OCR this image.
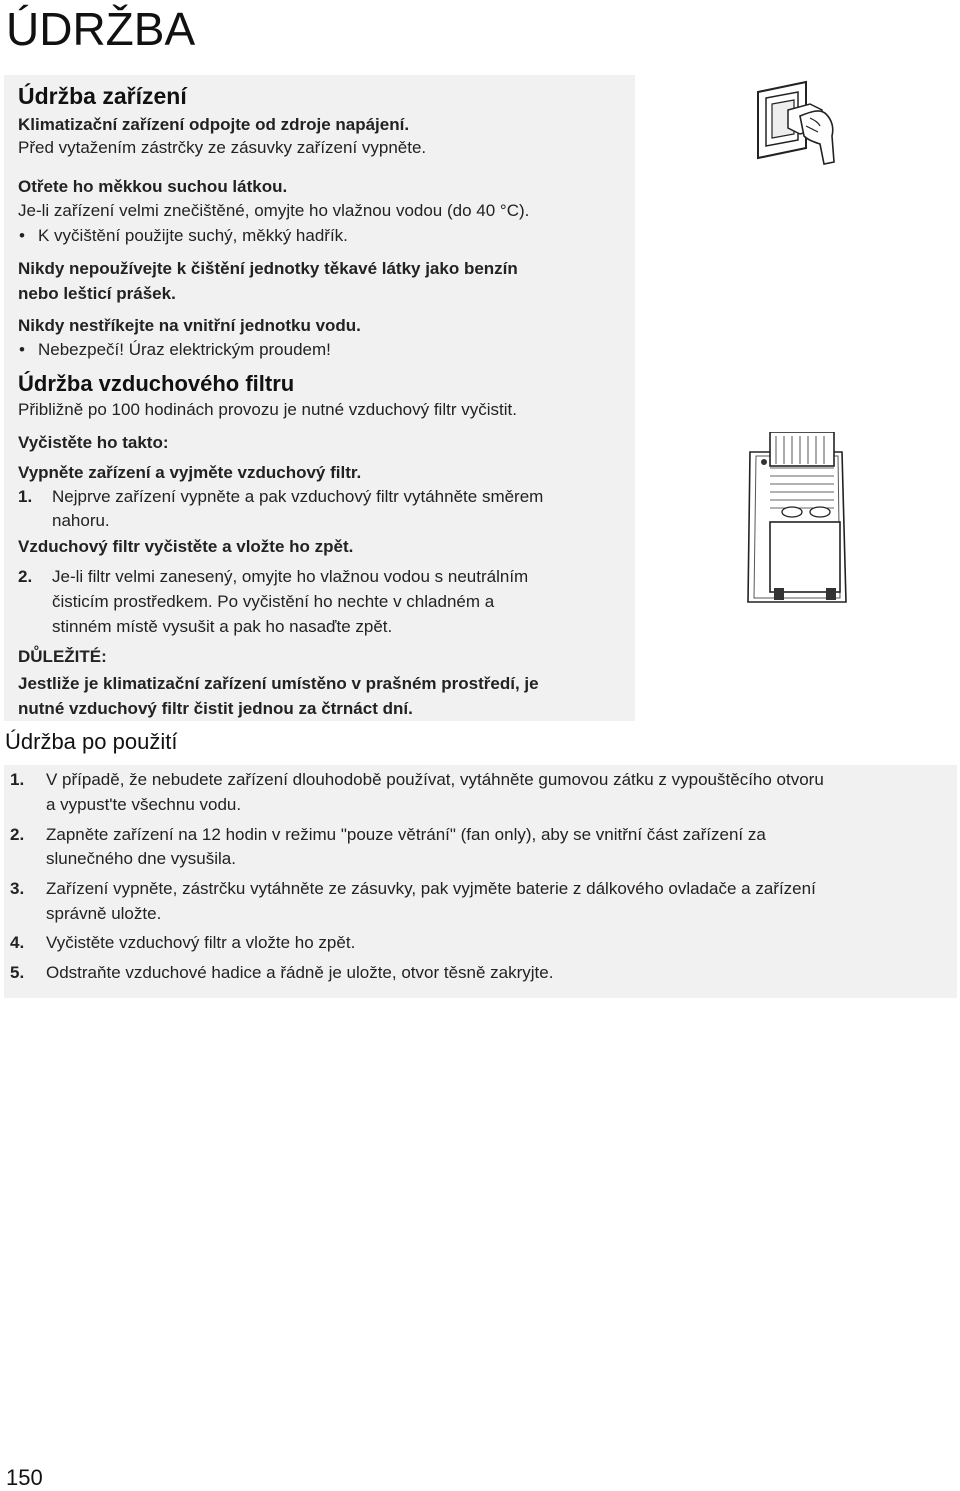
ÚDRŽBA
Údržba zařízení
Klimatizační zařízení odpojte od zdroje napájení.
Před vytažením zástrčky ze zásuvky zařízení vypněte.
Otřete ho měkkou suchou látkou.
Je-li zařízení velmi znečištěné, omyjte ho vlažnou vodou (do 40 °C).
• K vyčištění použijte suchý, měkký hadřík.
Nikdy nepoužívejte k čištění jednotky těkavé látky jako benzín
nebo lešticí prášek.
Nikdy nestříkejte na vnitřní jednotku vodu.
• Nebezpečí! Úraz elektrickým proudem!
Údržba vzduchového filtru
Přibližně po 100 hodinách provozu je nutné vzduchový filtr vyčistit.
Vyčistěte ho takto:
Vypněte zařízení a vyjměte vzduchový filtr.
1. Nejprve zařízení vypněte a pak vzduchový filtr vytáhněte směrem
nahoru.
Vzduchový filtr vyčistěte a vložte ho zpět.
2. Je-li filtr velmi zanesený, omyjte ho vlažnou vodou s neutrálním
čisticím prostředkem. Po vyčistění ho nechte v chladném a
stinném místě vysušit a pak ho nasaďte zpět.
DŮLEŽITÉ:
Jestliže je klimatizační zařízení umístěno v prašném prostředí, je
nutné vzduchový filtr čistit jednou za čtrnáct dní.
Údržba po použití
1. V případě, že nebudete zařízení dlouhodobě používat, vytáhněte gumovou zátku z vypouštěcího otvoru
a vypust'te všechnu vodu.
2. Zapněte zařízení na 12 hodin v režimu "pouze větrání" (fan only), aby se vnitřní část zařízení za
slunečného dne vysušila.
3. Zařízení vypněte, zástrčku vytáhněte ze zásuvky, pak vyjměte baterie z dálkového ovladače a zařízení
správně uložte.
4. Vyčistěte vzduchový filtr a vložte ho zpět.
5. Odstraňte vzduchové hadice a řádně je uložte, otvor těsně zakryjte.
150
